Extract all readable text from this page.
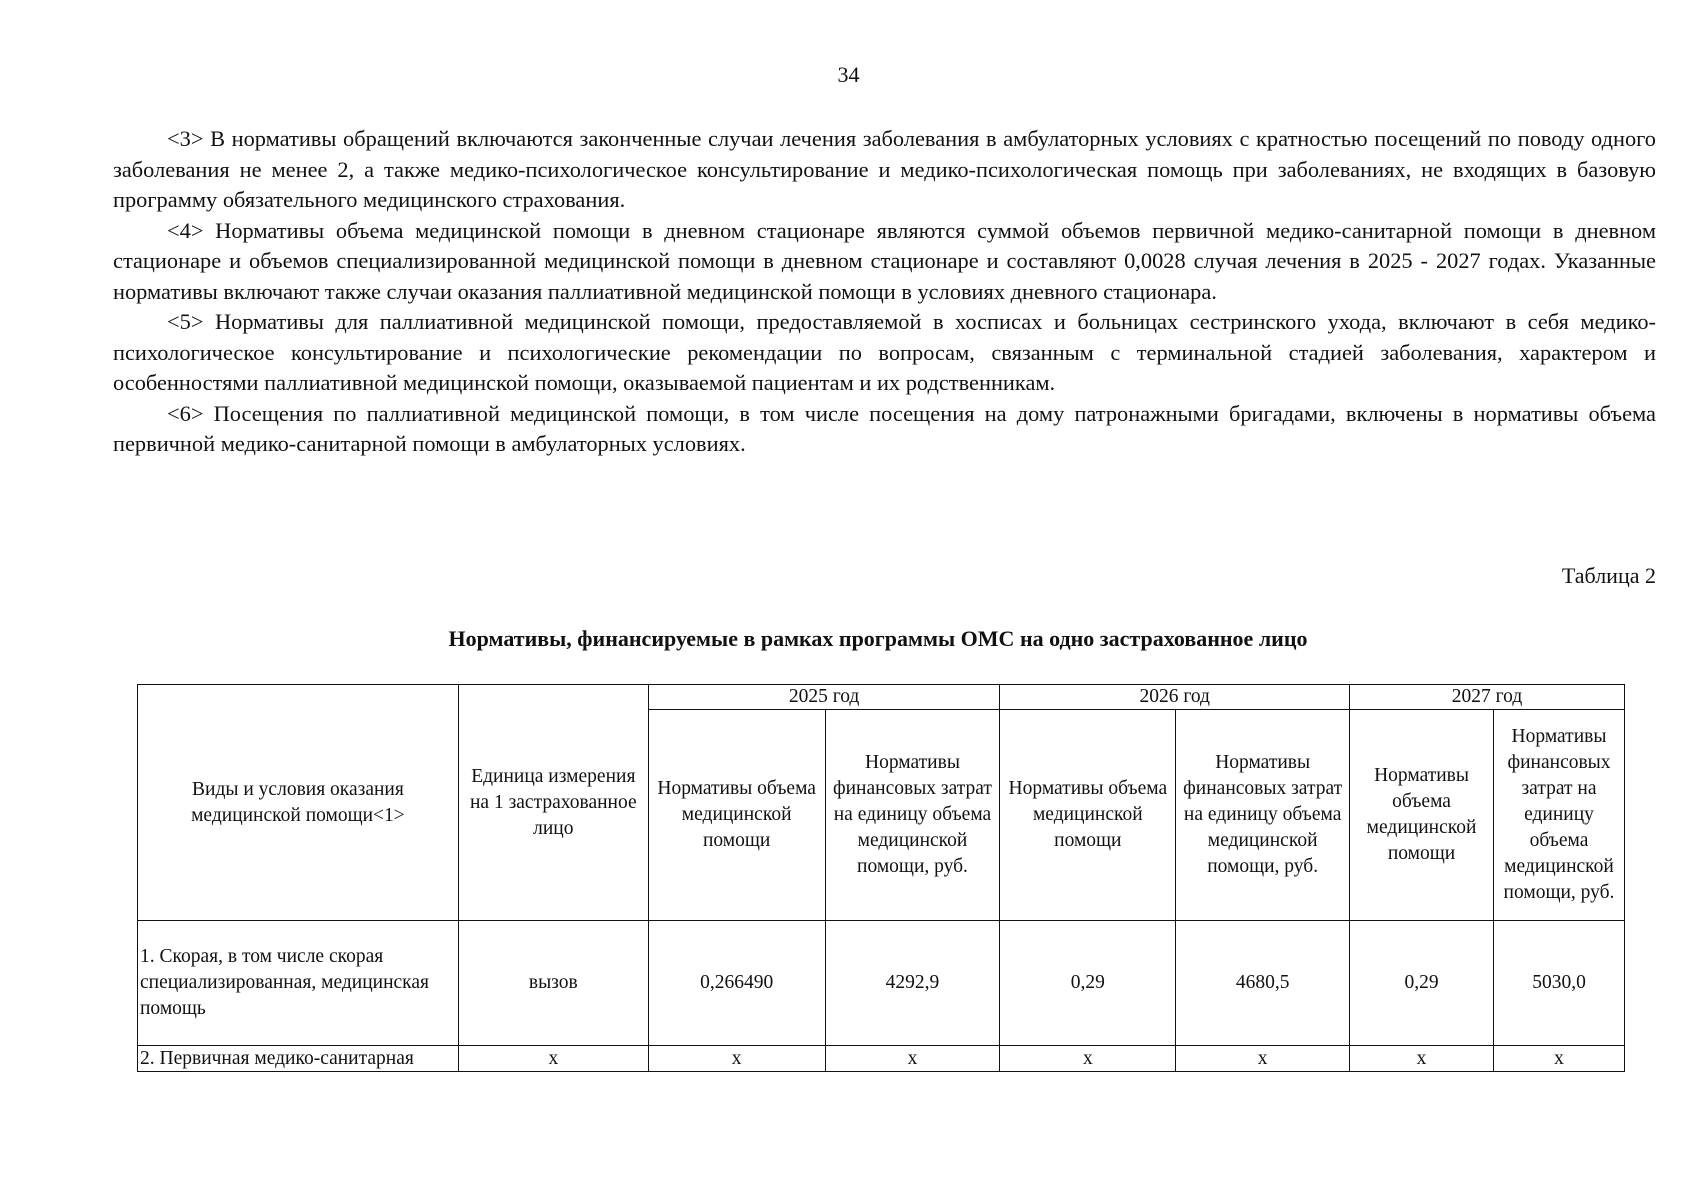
34

<3> В нормативы обращений включаются законченные случаи лечения заболевания в амбулаторных условиях с кратностью посещений по поводу одного заболевания не менее 2, а также медико-психологическое консультирование и медико-психологическая помощь при заболеваниях, не входящих в базовую программу обязательного медицинского страхования.

<4> Нормативы объема медицинской помощи в дневном стационаре являются суммой объемов первичной медико-санитарной помощи в дневном стационаре и объемов специализированной медицинской помощи в дневном стационаре и составляют 0,0028 случая лечения в 2025 - 2027 годах. Указанные нормативы включают также случаи оказания паллиативной медицинской помощи в условиях дневного стационара.

<5> Нормативы для паллиативной медицинской помощи, предоставляемой в хосписах и больницах сестринского ухода, включают в себя медико-психологическое консультирование и психологические рекомендации по вопросам, связанным с терминальной стадией заболевания, характером и особенностями паллиативной медицинской помощи, оказываемой пациентам и их родственникам.

<6> Посещения по паллиативной медицинской помощи, в том числе посещения на дому патронажными бригадами, включены в нормативы объема первичной медико-санитарной помощи в амбулаторных условиях.

Таблица 2
Нормативы, финансируемые в рамках программы ОМС на одно застрахованное лицо
Виды и условия оказания медицинской помощи<1>	Единица измерения на 1 застрахованное лицо	2025 год		2026 год		2027 год	
		Нормативы объема медицинской помощи	Нормативы финансовых затрат на единицу объема медицинской помощи, руб.	Нормативы объема медицинской помощи	Нормативы финансовых затрат на единицу объема медицинской помощи, руб.	Нормативы объема медицинской помощи	Нормативы финансовых затрат на единицу объема медицинской помощи, руб.
1. Скорая, в том числе скорая специализированная, медицинская помощь	вызов	0,266490	4292,9	0,29	4680,5	0,29	5030,0
2. Первичная медико-санитарная	х	х	х	х	х	х	х
